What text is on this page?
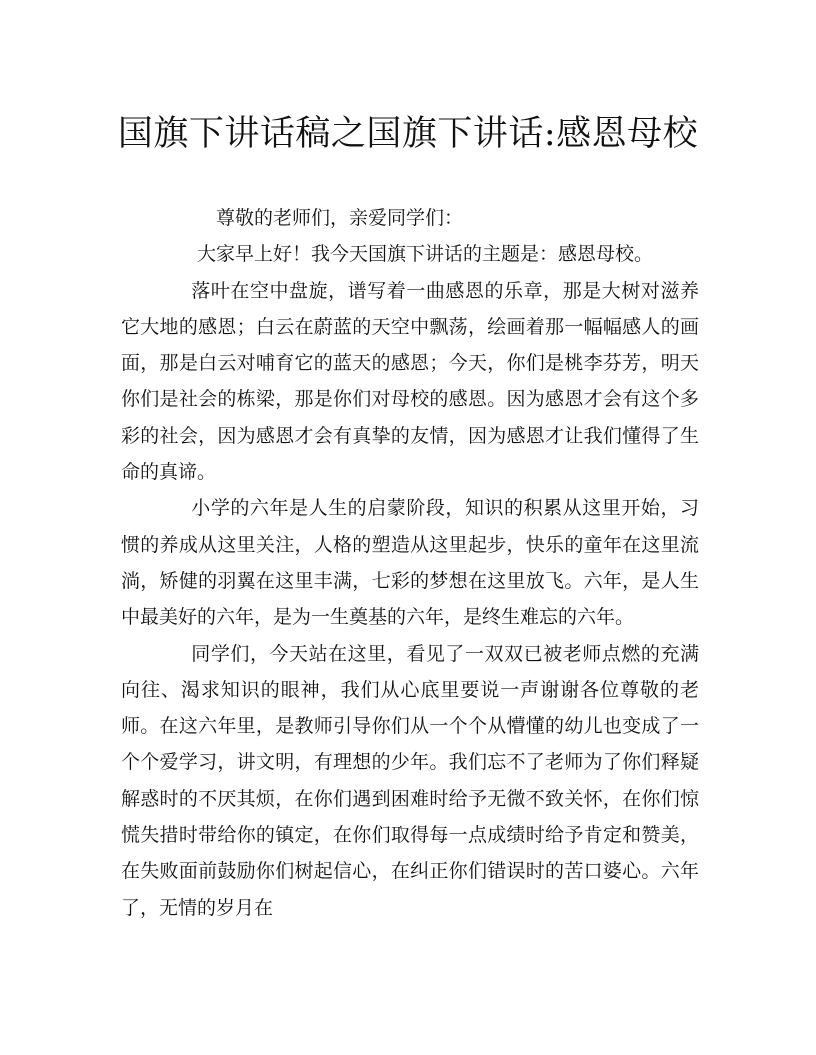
国旗下讲话稿之国旗下讲话:感恩母校

尊敬的老师们，亲爱同学们：

大家早上好！我今天国旗下讲话的主题是：感恩母校。

落叶在空中盘旋，谱写着一曲感恩的乐章，那是大树对滋养它大地的感恩；白云在蔚蓝的天空中飘荡，绘画着那一幅幅感人的画面，那是白云对哺育它的蓝天的感恩；今天，你们是桃李芬芳，明天你们是社会的栋梁，那是你们对母校的感恩。因为感恩才会有这个多彩的社会，因为感恩才会有真挚的友情，因为感恩才让我们懂得了生命的真谛。

小学的六年是人生的启蒙阶段，知识的积累从这里开始，习惯的养成从这里关注，人格的塑造从这里起步，快乐的童年在这里流淌，矫健的羽翼在这里丰满，七彩的梦想在这里放飞。六年，是人生中最美好的六年，是为一生奠基的六年，是终生难忘的六年。

同学们，今天站在这里，看见了一双双已被老师点燃的充满向往、渴求知识的眼神，我们从心底里要说一声谢谢各位尊敬的老师。在这六年里，是教师引导你们从一个个从懵懂的幼儿也变成了一个个爱学习，讲文明，有理想的少年。我们忘不了老师为了你们释疑解惑时的不厌其烦，在你们遇到困难时给予无微不致关怀，在你们惊慌失措时带给你的镇定，在你们取得每一点成绩时给予肯定和赞美，在失败面前鼓励你们树起信心，在纠正你们错误时的苦口婆心。六年了，无情的岁月在
